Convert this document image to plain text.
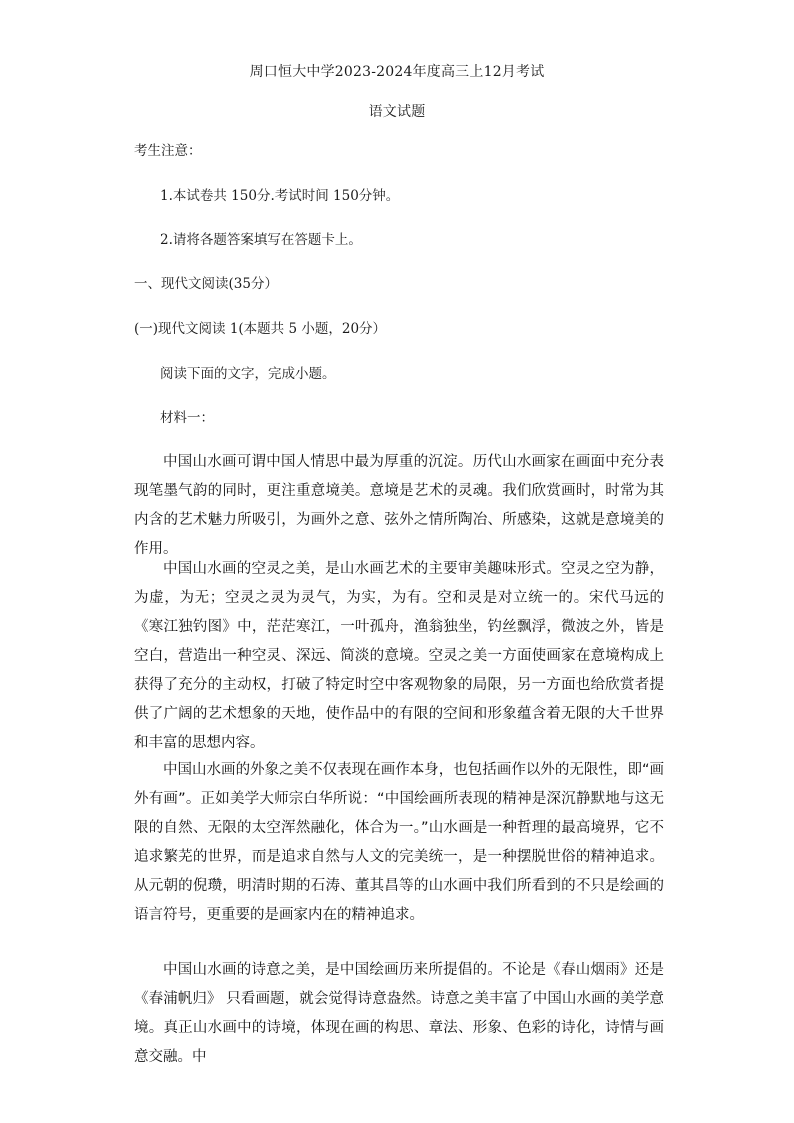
周口恒大中学2023-2024年度高三上12月考试
语文试题
考生注意：
1.本试卷共 150分.考试时间 150分钟。
2.请将各题答案填写在答题卡上。
一、现代文阅读(35分）
(一)现代文阅读 1(本题共 5 小题，20分）
阅读下面的文字，完成小题。
材料一：

中国山水画可谓中国人情思中最为厚重的沉淀。历代山水画家在画面中充分表现笔墨气韵的同时，更注重意境美。意境是艺术的灵魂。我们欣赏画时，时常为其内含的艺术魅力所吸引，为画外之意、弦外之情所陶冶、所感染，这就是意境美的作用。

中国山水画的空灵之美，是山水画艺术的主要审美趣味形式。空灵之空为静，为虚，为无；空灵之灵为灵气，为实，为有。空和灵是对立统一的。宋代马远的《寒江独钓图》中，茫茫寒江，一叶孤舟，渔翁独坐，钓丝飘浮，微波之外，皆是空白，营造出一种空灵、深远、简淡的意境。空灵之美一方面使画家在意境构成上获得了充分的主动权，打破了特定时空中客观物象的局限，另一方面也给欣赏者提供了广阔的艺术想象的天地，使作品中的有限的空间和形象蕴含着无限的大千世界和丰富的思想内容。

中国山水画的外象之美不仅表现在画作本身，也包括画作以外的无限性，即“画外有画”。正如美学大师宗白华所说：“中国绘画所表现的精神是深沉静默地与这无限的自然、无限的太空浑然融化，体合为一。”山水画是一种哲理的最高境界，它不追求繁芜的世界，而是追求自然与人文的完美统一，是一种摆脱世俗的精神追求。从元朝的倪瓒，明清时期的石涛、董其昌等的山水画中我们所看到的不只是绘画的语言符号，更重要的是画家内在的精神追求。

中国山水画的诗意之美，是中国绘画历来所提倡的。不论是《春山烟雨》还是《春浦帆归》 只看画题，就会觉得诗意盎然。诗意之美丰富了中国山水画的美学意境。真正山水画中的诗境，体现在画的构思、章法、形象、色彩的诗化，诗情与画意交融。中
